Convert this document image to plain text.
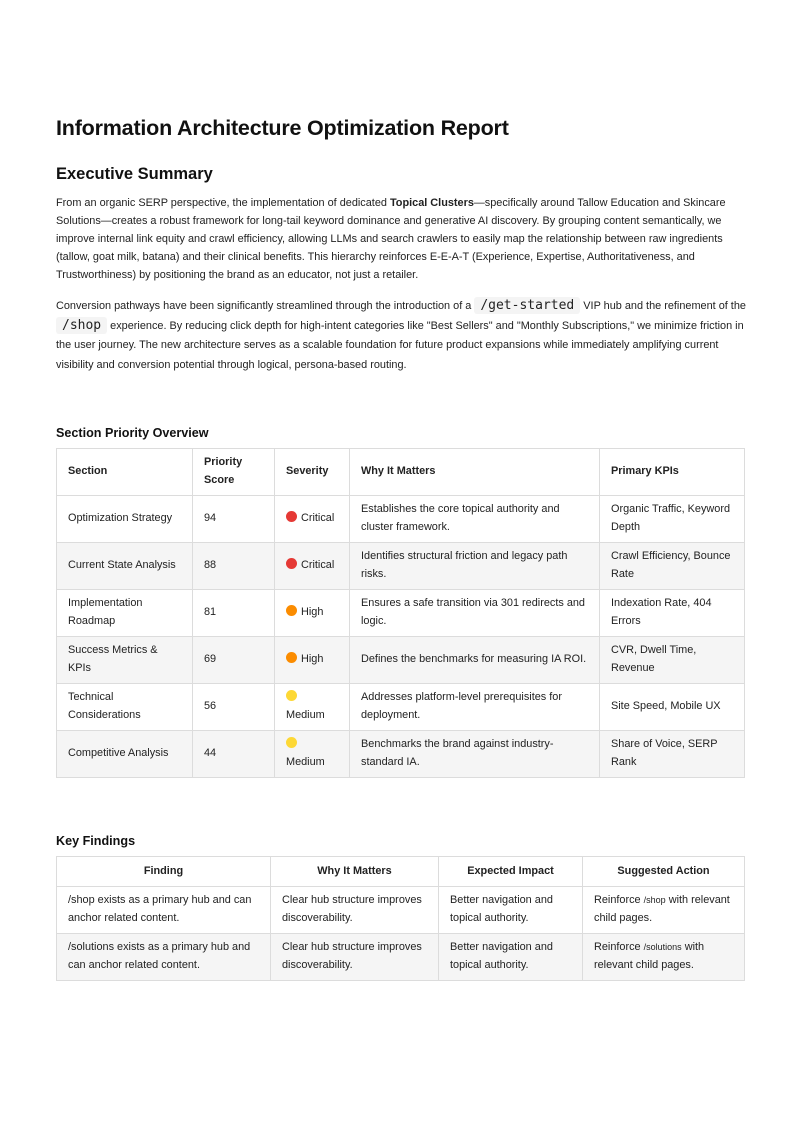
Information Architecture Optimization Report
Executive Summary

From an organic SERP perspective, the implementation of dedicated Topical Clusters—specifically around Tallow Education and Skincare Solutions—creates a robust framework for long-tail keyword dominance and generative AI discovery. By grouping content semantically, we improve internal link equity and crawl efficiency, allowing LLMs and search crawlers to easily map the relationship between raw ingredients (tallow, goat milk, batana) and their clinical benefits. This hierarchy reinforces E-E-A-T (Experience, Expertise, Authoritativeness, and Trustworthiness) by positioning the brand as an educator, not just a retailer.

Conversion pathways have been significantly streamlined through the introduction of a /get-started VIP hub and the refinement of the /shop experience. By reducing click depth for high-intent categories like "Best Sellers" and "Monthly Subscriptions," we minimize friction in the user journey. The new architecture serves as a scalable foundation for future product expansions while immediately amplifying current visibility and conversion potential through logical, persona-based routing.

Section Priority Overview
Section	Priority Score	Severity	Why It Matters	Primary KPIs
Optimization Strategy	94	Critical	Establishes the core topical authority and cluster framework.	Organic Traffic, Keyword Depth
Current State Analysis	88	Critical	Identifies structural friction and legacy path risks.	Crawl Efficiency, Bounce Rate
Implementation Roadmap	81	High	Ensures a safe transition via 301 redirects and logic.	Indexation Rate, 404 Errors
Success Metrics & KPIs	69	High	Defines the benchmarks for measuring IA ROI.	CVR, Dwell Time, Revenue
Technical Considerations	56	Medium	Addresses platform-level prerequisites for deployment.	Site Speed, Mobile UX
Competitive Analysis	44	Medium	Benchmarks the brand against industry-standard IA.	Share of Voice, SERP Rank
Key Findings
Finding	Why It Matters	Expected Impact	Suggested Action
/shop exists as a primary hub and can anchor related content.	Clear hub structure improves discoverability.	Better navigation and topical authority.	Reinforce /shop with relevant child pages.
/solutions exists as a primary hub and can anchor related content.	Clear hub structure improves discoverability.	Better navigation and topical authority.	Reinforce /solutions with relevant child pages.
